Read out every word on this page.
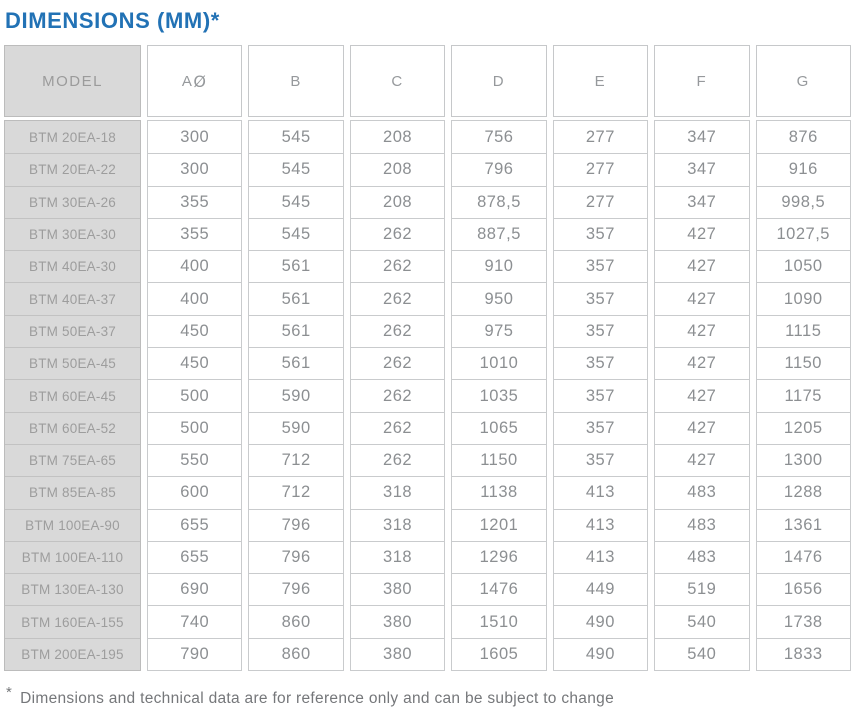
DIMENSIONS (MM)*
MODEL
BTM 20EA-18
BTM 20EA-22
BTM 30EA-26
BTM 30EA-30
BTM 40EA-30
BTM 40EA-37
BTM 50EA-37
BTM 50EA-45
BTM 60EA-45
BTM 60EA-52
BTM 75EA-65
BTM 85EA-85
BTM 100EA-90
BTM 100EA-110
BTM 130EA-130
BTM 160EA-155
BTM 200EA-195
A Ø
300
300
355
355
400
400
450
450
500
500
550
600
655
655
690
740
790
B
545
545
545
545
561
561
561
561
590
590
712
712
796
796
796
860
860
C
208
208
208
262
262
262
262
262
262
262
262
318
318
318
380
380
380
D
756
796
878,5
887,5
910
950
975
1010
1035
1065
1150
1138
1201
1296
1476
1510
1605
E
277
277
277
357
357
357
357
357
357
357
357
413
413
413
449
490
490
F
347
347
347
427
427
427
427
427
427
427
427
483
483
483
519
540
540
G
876
916
998,5
1027,5
1050
1090
1115
1150
1175
1205
1300
1288
1361
1476
1656
1738
1833

* Dimensions and technical data are for reference only and can be subject to change
